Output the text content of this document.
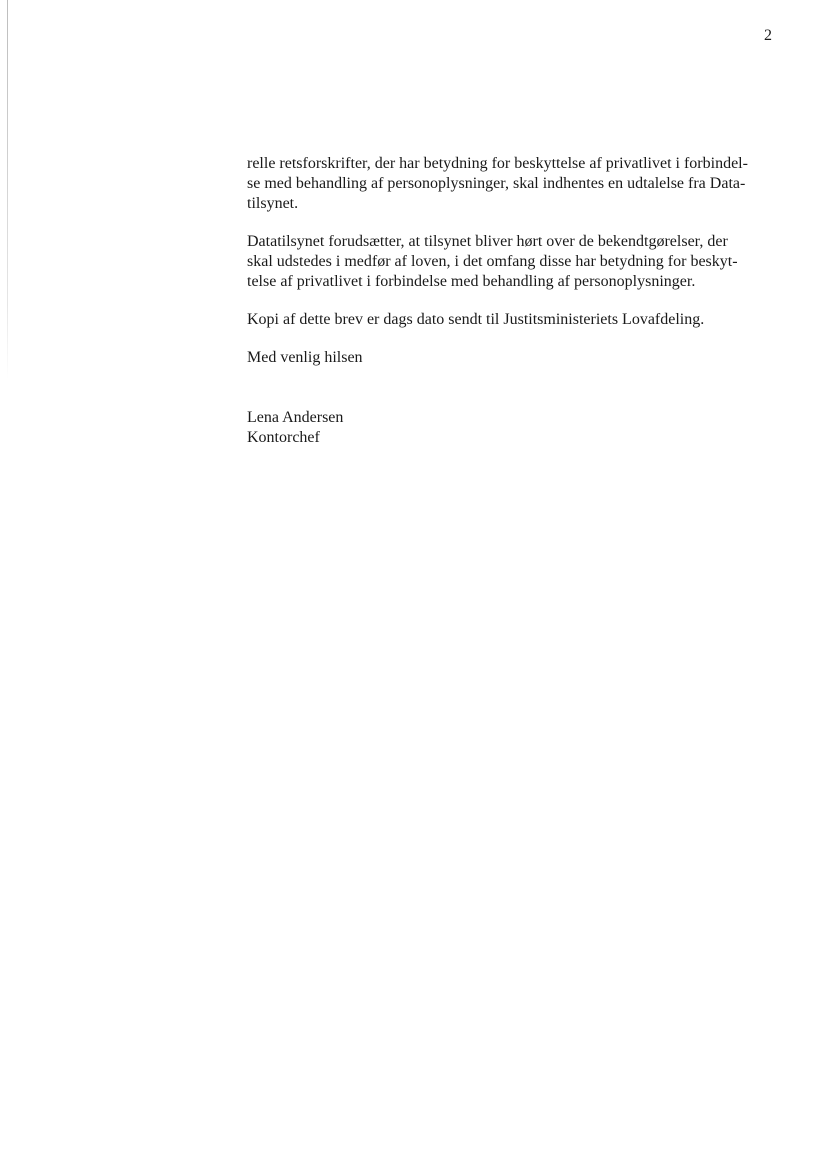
2

relle retsforskrifter, der har betydning for beskyttelse af privatlivet i forbindel-
se med behandling af personoplysninger, skal indhentes en udtalelse fra Data-
tilsynet.

Datatilsynet forudsætter, at tilsynet bliver hørt over de bekendtgørelser, der
skal udstedes i medfør af loven, i det omfang disse har betydning for beskyt-
telse af privatlivet i forbindelse med behandling af personoplysninger.

Kopi af dette brev er dags dato sendt til Justitsministeriets Lovafdeling.

Med venlig hilsen

Lena Andersen
Kontorchef
